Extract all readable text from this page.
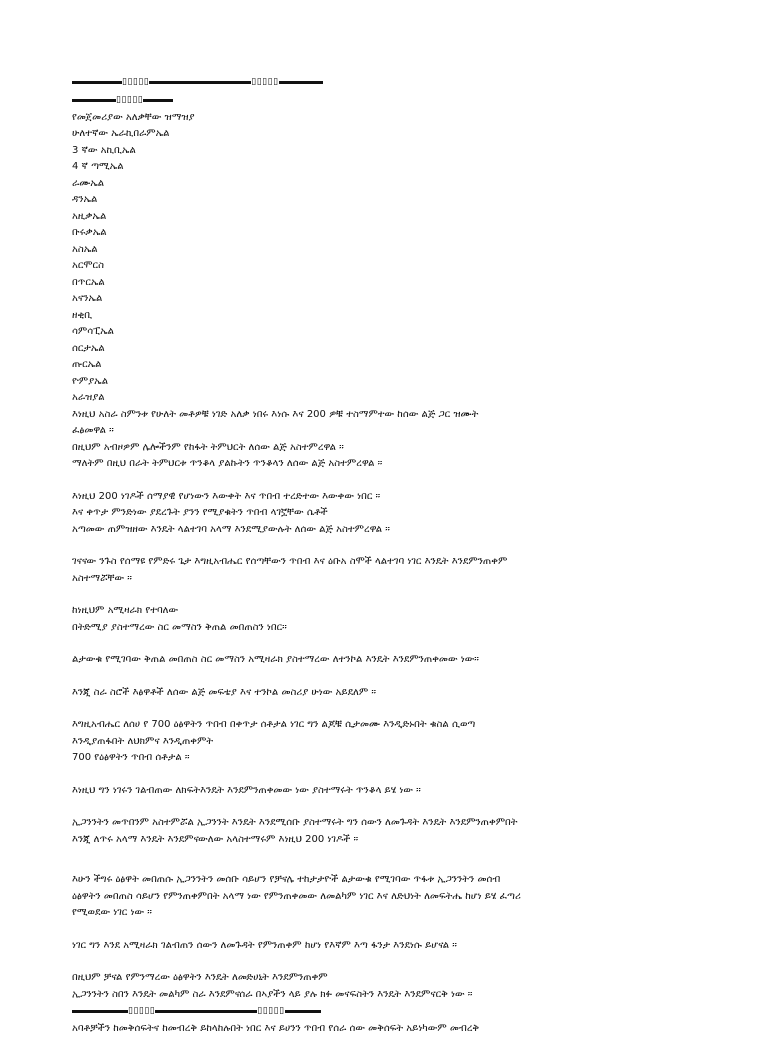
▯▯▯▯▯	▯▯▯▯▯
▯▯▯▯▯

የመጀመሪያው አለቃቸው ዝማዝያ

ሁለተኛው ኤራኪበራምኤል

3 ኛው አኪቢኤል

4 ኛ ጣሚኤል

ራሙኤል

ዳንኤል

አዚቃኤል

ቡሩቃኤል

አስኤል

አርሞርስ

በጥርኤል

አናንኤል

ዘቂቢ

ሳምሳፒኤል

ሰርታኤል

ጡርኤል

ዮምያኤል

አራዝያል

እነዚህ አስራ ስምንቱ የሁለት መቶዎቹ ነገድ አለቃ ነበሩ እነሱ እና 200 ዎቹ ተስማምተው ከሰው ልጅ ጋር ዝሙት

ፈፅመዋል ።

በዚህም አብዞዎም ሌሎችንም የከፋት ትምህርት ለሰው ልጅ አስተምረዋል ።

ማለትም በዚህ በራት ትምህርቱ ጥንቆላ ያልኩትን ጥንቆላን ለሰው ልጅ አስተምረዋል ።

እነዚህ 200 ነገዶች ሰማያዊ የሆነውን እውቀት እና ጥበብ ተረድተው እውቀው ነበር ።

እና ቀጥታ ምንድነው ያደረጉት ያንን የሚያቁትን ጥበብ ላገኟቸው ሴቶች

አጣመው ጠምዝዘው እንዴት ላልተገባ አላማ እንደሚያውሉት ለሰው ልጅ አስተምረዋል ።

ገናናው ንጉስ የሰማዩ የምድሩ ጌታ እግዚአብሔር የሰጣቸውን ጥበብ እና ዕቡአ ስሞች ላልተገባ ነገር እንዴት እንደምንጠቀም

አስተማሯቸው ።

ከነዚህም አሚዛራክ የተባለው

በትድሚያ ያስተማረው ስር መማስን ቅጠል መበጠስን ነበር።

ልታውቁ የሚገባው ቅጠል መበጠስ ስር መማስን አሚዛራክ ያስተማረው ለተንኮል እንዴት እንደምንጠቀመው ነው።

እንጂ ስራ ስሮች እፅዋቶች ለሰው ልጅ መፍቴያ እና ተንኮል መስሪያ ሁነው አይደለም ።

እግዚአብሔር ለሰሀ የ 700 ዕፅዋትን ጥበብ በቀጥታ ሰቶታል ነገር ግን ልጆቹ ሲታመሙ እንዲድኑበት ቁስል ሲወጣ

እንዲያጠፋበት ለህክምና እንዲጠቀምት

700 የዕፅዋትን ጥበብ ሰቶታል ።

እነዚህ ግን ነገሩን ገልብጠው ለክፍትእንዴት እንደምንጠቀመው ነው ያስተማሩት ጥንቆላ ይሄ ነው ።

ኢጋንንትን መጥበንም አስተምሯል ኢጋንንት እንዴት እንደሚሰቡ ያስተማሩት ግን ሰውን ለመጉዳት እንዴት እንደምንጠቀምበት

እንጂ ለጥሩ አላማ እንዴት እንደምናውለው አላስተማሩም እነዚህ 200 ነገዶች ።

እሁን ችግሩ ዕፅዋት መበጠሱ ኢጋንንትን መሰቡ ሳይሆን የቻናሌ ተከታታዮች ልታውቁ የሚገባው ጥፋቱ ኢጋንንትን መሰብ

ዕፅዋትን መበጠስ ሳይሆን የምንጠቀምበት አላማ ነው የምንጠቀመው ለመልካም ነገር እና ለድህነት ለመፍትሔ ከሆነ ይሄ ፈጣሪ

የሚወደው ነገር ነው ።

ነገር ግን እንደ አሚዛራክ ገልብጠን ሰውን ለመጉዳት የምንጠቀም ከሆነ የእኛም እጣ ፋንታ እንደነሱ ይሆናል ።

በዚህም ቻናል የምንማረው ዕፅዋትን እንዴት ለመድሀኒት እንደምንጠቀም

ኢጋንንትን ስበን እንዴት መልካም ስራ እንደምናሰራ በኣያችን ላይ ያሉ ክፉ መናፍስትን እንዴት እንደምናርቅ ነው ።

▯▯▯▯▯	▯▯▯▯▯

አባቶቻችን ከመቅሰፍትና ከመብረቅ ይከላከሉበት ነበር እና ይሀንን ጥበብ የሰራ ሰው መቅሰፍት አይነካውም መብረቅ
